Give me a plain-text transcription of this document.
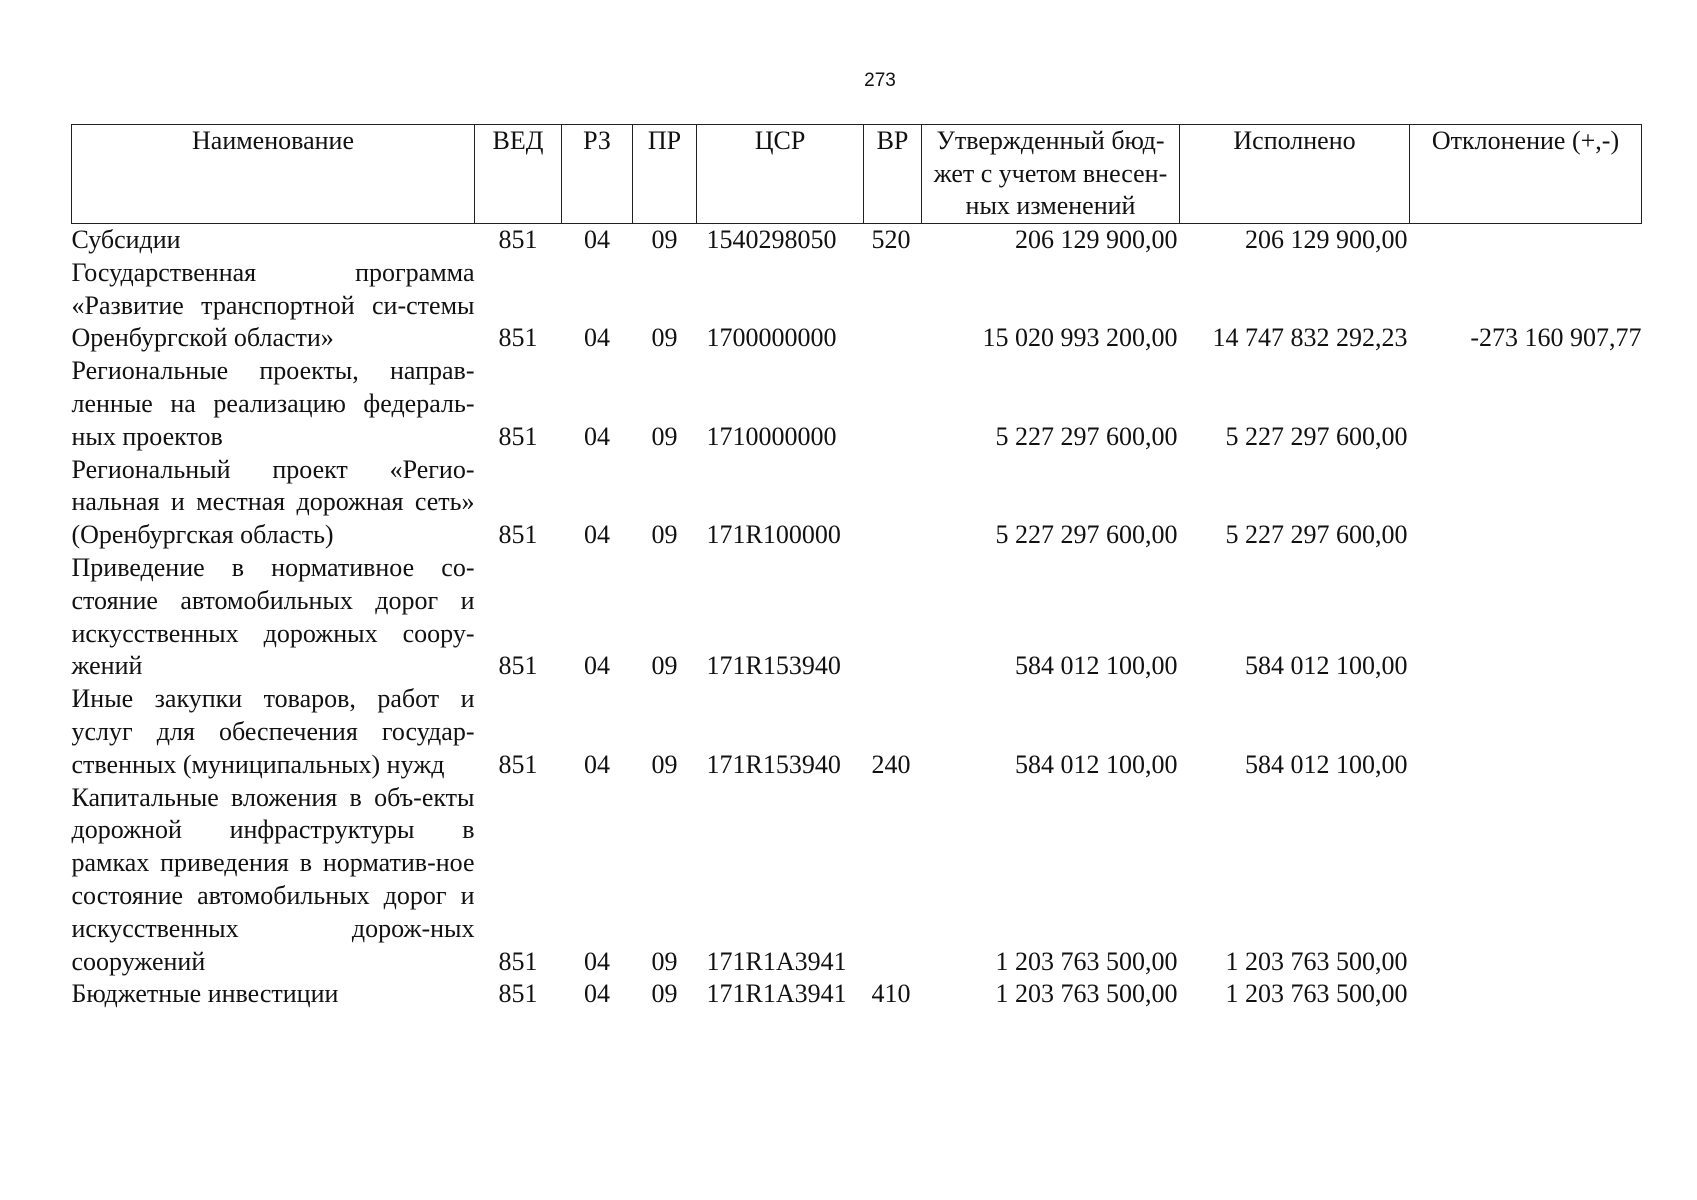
273
Наименование	ВЕД	РЗ	ПР	ЦСР	ВР	Утвержденный бюд-жет с учетом внесен-ных изменений	Исполнено	Отклонение (+,-)
Субсидии	851	04	09	1540298050	520	206 129 900,00	206 129 900,00	
Государственная программа «Развитие транспортной си-стемы Оренбургской области»	851	04	09	1700000000		15 020 993 200,00	14 747 832 292,23	-273 160 907,77
Региональные проекты, направ-ленные на реализацию федераль-ных проектов	851	04	09	1710000000		5 227 297 600,00	5 227 297 600,00	
Региональный проект «Регио-нальная и местная дорожная сеть» (Оренбургская область)	851	04	09	171R100000		5 227 297 600,00	5 227 297 600,00	
Приведение в нормативное со-стояние автомобильных дорог и искусственных дорожных соору-жений	851	04	09	171R153940		584 012 100,00	584 012 100,00	
Иные закупки товаров, работ и услуг для обеспечения государ-ственных (муниципальных) нужд	851	04	09	171R153940	240	584 012 100,00	584 012 100,00	
Капитальные вложения в объ-екты дорожной инфраструктуры в рамках приведения в норматив-ное состояние автомобильных дорог и искусственных дорож-ных сооружений	851	04	09	171R1A3941		1 203 763 500,00	1 203 763 500,00	
Бюджетные инвестиции	851	04	09	171R1A3941	410	1 203 763 500,00	1 203 763 500,00	
